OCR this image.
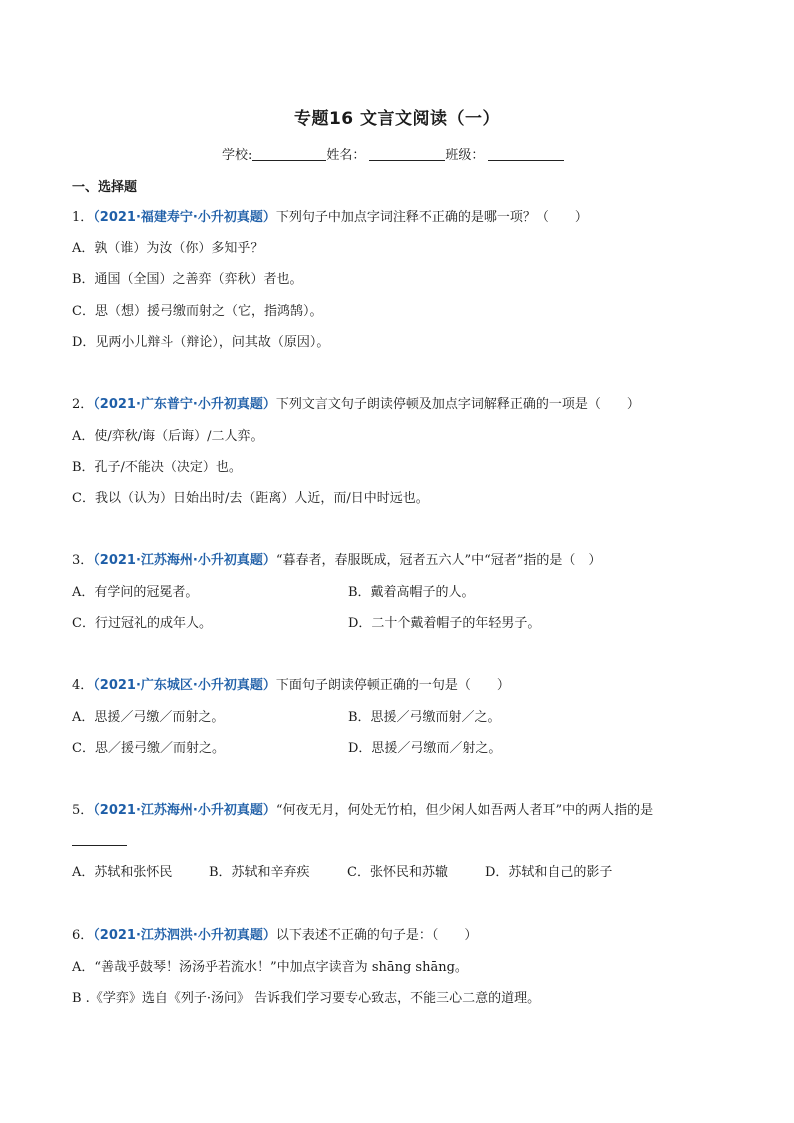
专题16 文言文阅读（一）
学校:	姓名：	班级：
一、选择题
1．（2021·福建寿宁·小升初真题）下列句子中加点字词注释不正确的是哪一项？（　　）
A．孰（谁）为汝（你）多知乎？
B．通国（全国）之善弈（弈秋）者也。
C．思（想）援弓缴而射之（它，指鸿鹄）。
D．见两小儿辩斗（辩论），问其故（原因）。
2．（2021·广东普宁·小升初真题）下列文言文句子朗读停顿及加点字词解释正确的一项是（　　）
A．使/弈秋/诲（后诲）/二人弈。
B．孔子/不能决（决定）也。
C．我以（认为）日始出时/去（距离）人近，而/日中时远也。
3．（2021·江苏海州·小升初真题）“暮春者，春服既成，冠者五六人”中“冠者”指的是（　）
A．有学问的冠冕者。	B．戴着高帽子的人。
C．行过冠礼的成年人。	D．二十个戴着帽子的年轻男子。
4．（2021·广东城区·小升初真题）下面句子朗读停顿正确的一句是（　　）
A．思援／弓缴／而射之。	B．思援／弓缴而射／之。
C．思／援弓缴／而射之。	D．思援／弓缴而／射之。
5．（2021·江苏海州·小升初真题）“何夜无月，何处无竹柏，但少闲人如吾两人者耳”中的两人指的是
A．苏轼和张怀民	B．苏轼和辛弃疾	C．张怀民和苏辙	D．苏轼和自己的影子
6．（2021·江苏泗洪·小升初真题）以下表述不正确的句子是：（　　）
A．“善哉乎鼓琴！汤汤乎若流水！”中加点字读音为 shāng shāng。
B .《学弈》选自《列子·汤问》 告诉我们学习要专心致志，不能三心二意的道理。
